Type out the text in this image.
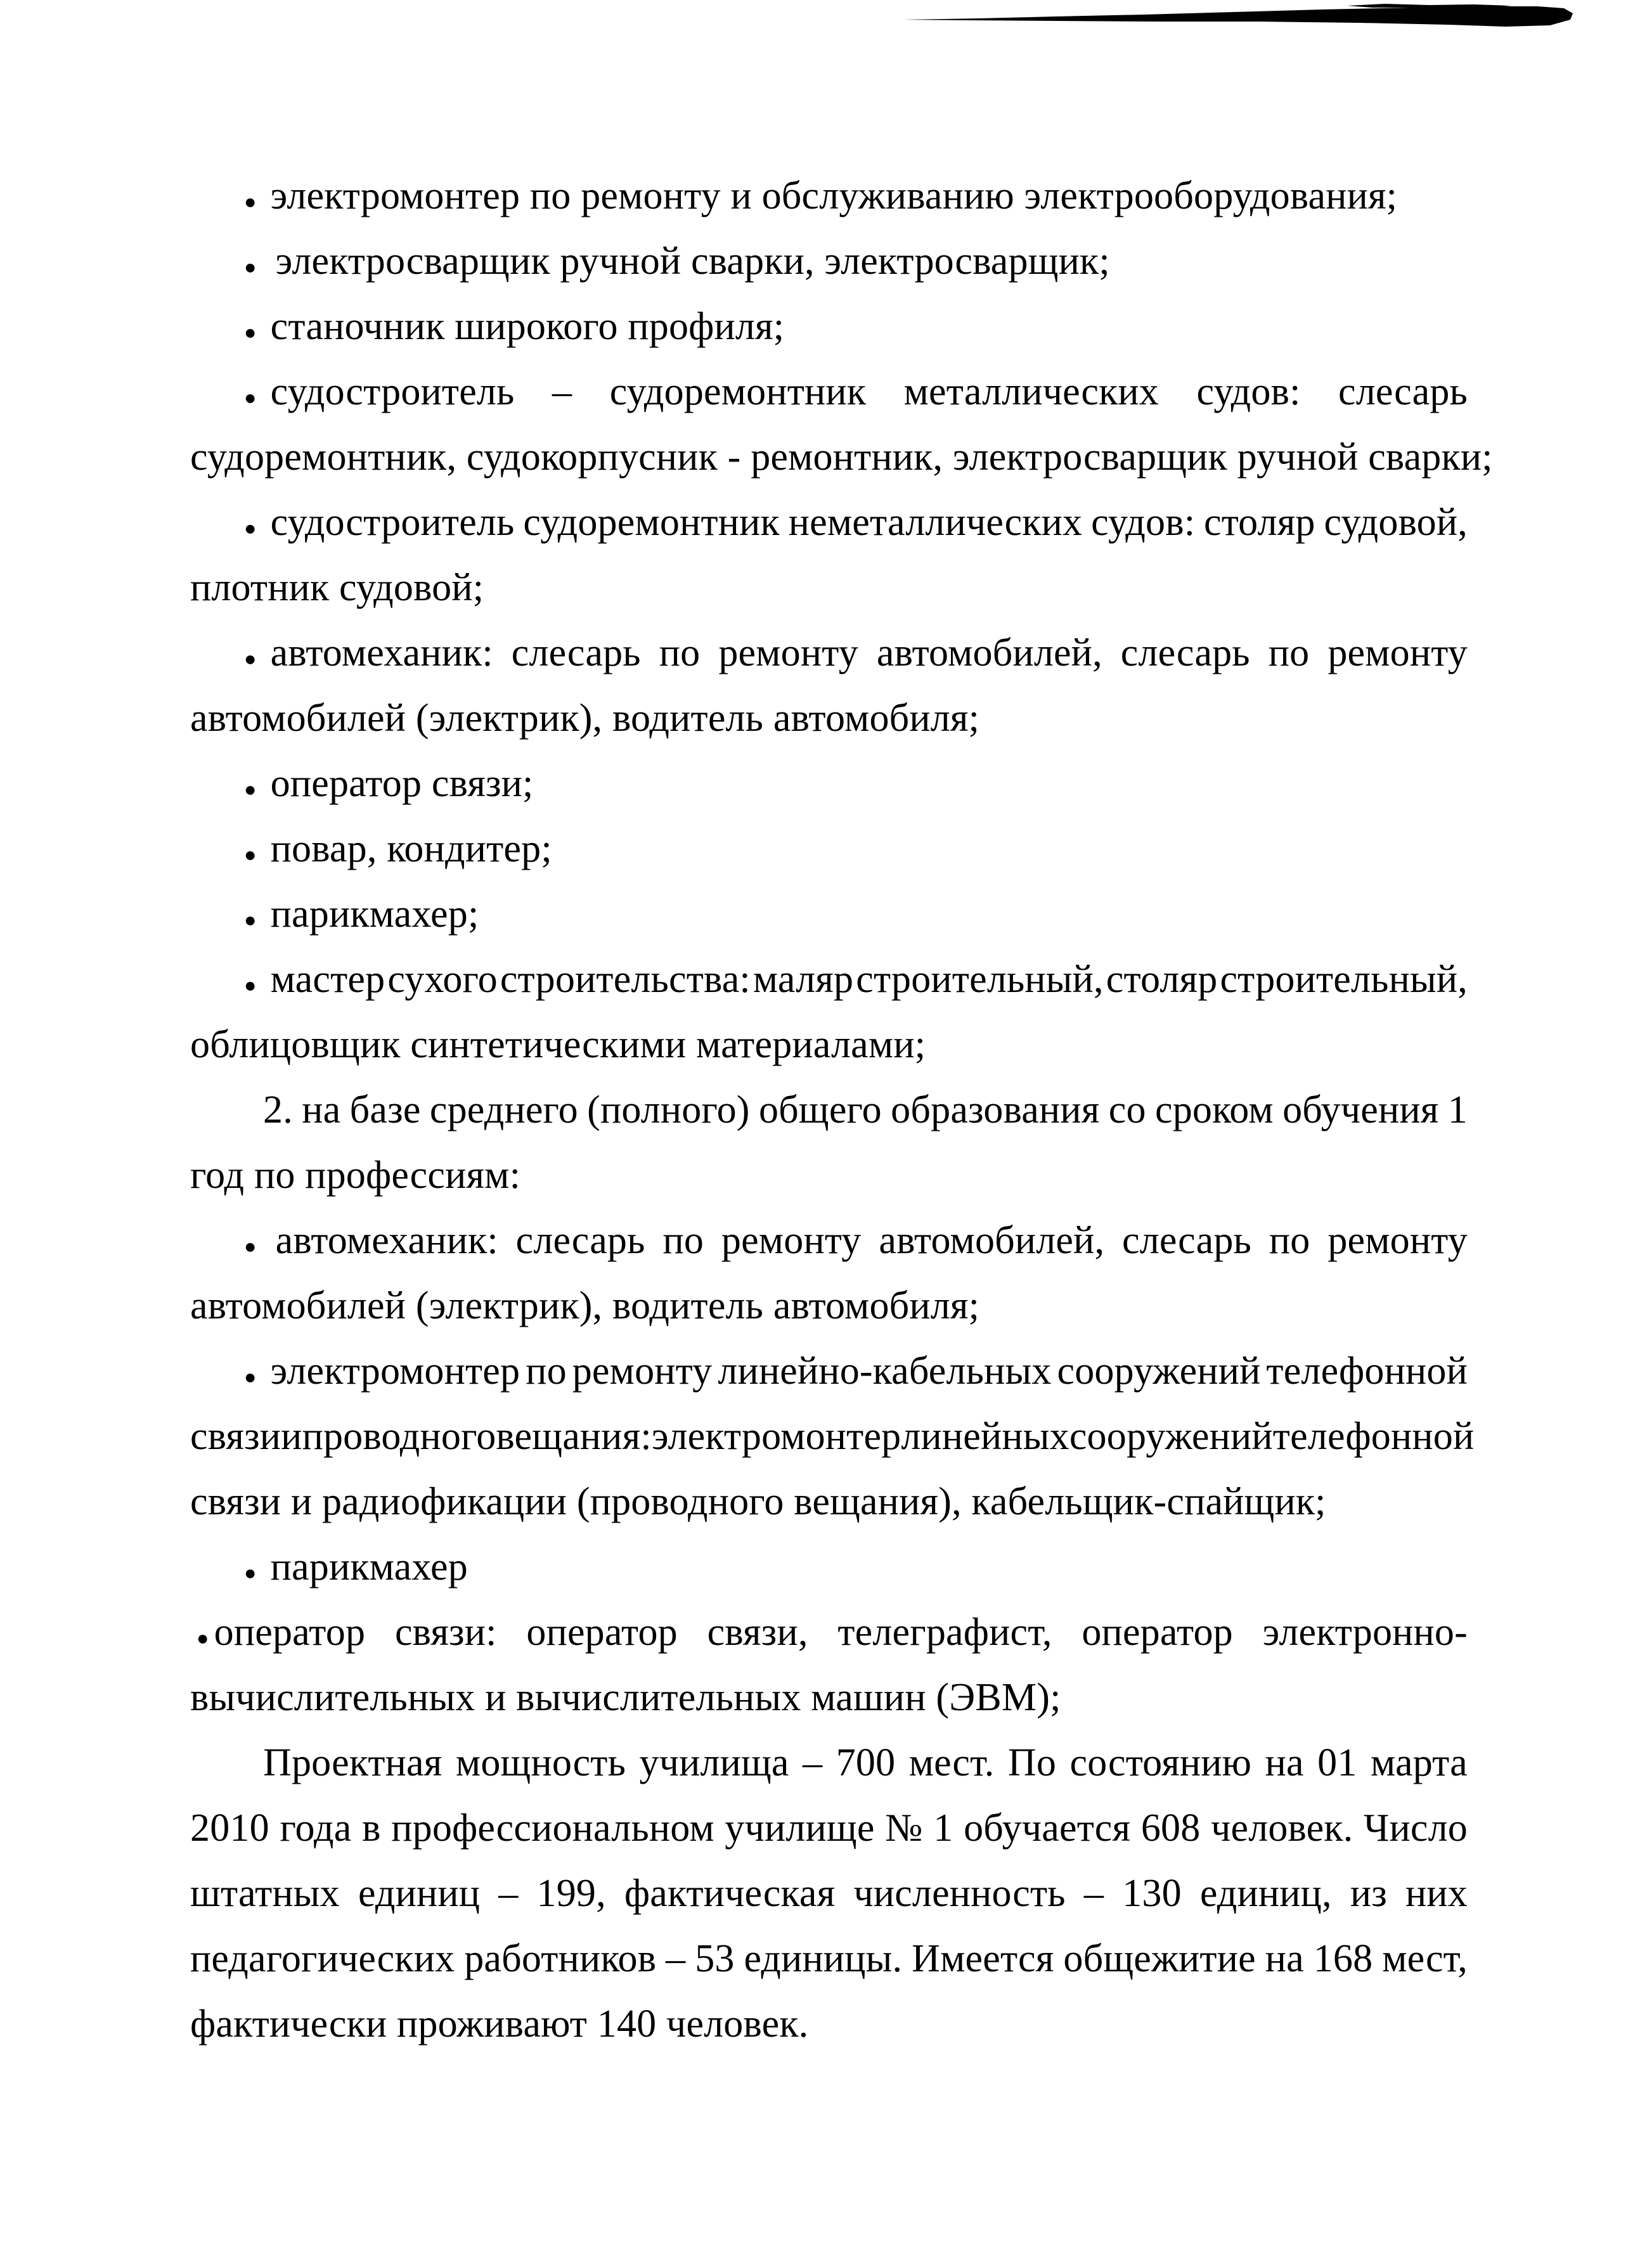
● электромонтер по ремонту и обслуживанию электрооборудования;
● электросварщик ручной сварки, электросварщик;
● станочник широкого профиля;
● судостроитель – судоремонтник металлических судов: слесарь
судоремонтник, судокорпусник - ремонтник, электросварщик ручной сварки;
● судостроитель судоремонтник неметаллических судов: столяр судовой,
плотник судовой;
● автомеханик: слесарь по ремонту автомобилей, слесарь по ремонту
автомобилей (электрик), водитель автомобиля;
● оператор связи;
● повар, кондитер;
● парикмахер;
● мастер сухого строительства: маляр строительный, столяр строительный,
облицовщик синтетическими материалами;
2. на базе среднего (полного) общего образования со сроком обучения 1
год по профессиям:
● автомеханик: слесарь по ремонту автомобилей, слесарь по ремонту
автомобилей (электрик), водитель автомобиля;
● электромонтер по ремонту линейно-кабельных сооружений телефонной
связи и проводного вещания: электромонтер линейных сооружений телефонной
связи и радиофикации (проводного вещания), кабельщик-спайщик;
● парикмахер
● оператор связи: оператор связи, телеграфист, оператор электронно-
вычислительных и вычислительных машин (ЭВМ);
Проектная мощность училища – 700 мест. По состоянию на 01 марта
2010 года в профессиональном училище № 1 обучается 608 человек. Число
штатных единиц – 199, фактическая численность – 130 единиц, из них
педагогических работников – 53 единицы. Имеется общежитие на 168 мест,
фактически проживают 140 человек.
